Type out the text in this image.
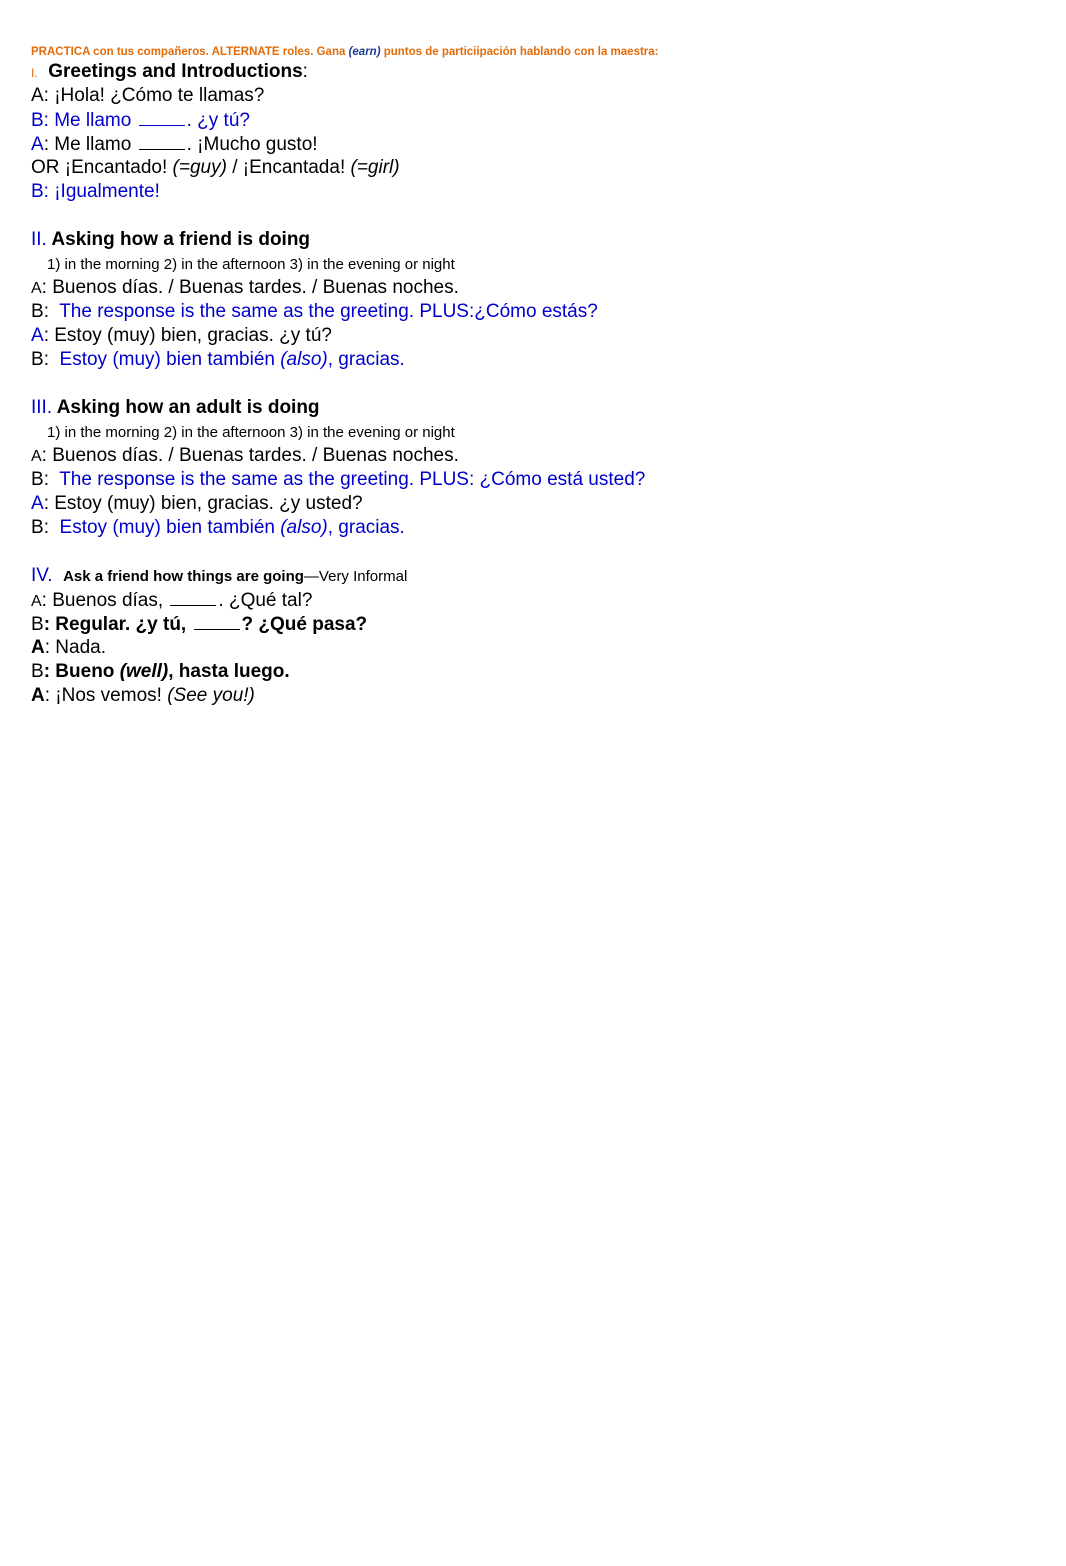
PRACTICA con tus compañeros. ALTERNATE roles. Gana (earn) puntos de particiipación hablando con la maestra:
I. Greetings and Introductions:
A: ¡Hola! ¿Cómo te llamas?
B: Me llamo	. ¿y tú?
A: Me llamo	. ¡Mucho gusto!
OR ¡Encantado! (=guy) / ¡Encantada! (=girl)
B: ¡Igualmente!
II. Asking how a friend is doing
1) in the morning 2) in the afternoon 3) in the evening or night
A: Buenos días. / Buenas tardes. / Buenas noches.
B:  The response is the same as the greeting. PLUS:¿Cómo estás?
A: Estoy (muy) bien, gracias. ¿y tú?
B:  Estoy (muy) bien también (also), gracias.
III. Asking how an adult is doing
1) in the morning 2) in the afternoon 3) in the evening or night
A: Buenos días. / Buenas tardes. / Buenas noches.
B:  The response is the same as the greeting. PLUS: ¿Cómo está usted?
A: Estoy (muy) bien, gracias. ¿y usted?
B:  Estoy (muy) bien también (also), gracias.
IV. Ask a friend how things are going—Very Informal
A: Buenos días,	. ¿Qué tal?
B: Regular. ¿y tú,	? ¿Qué pasa?
A: Nada.
B: Bueno (well), hasta luego.
A: ¡Nos vemos! (See you!)
